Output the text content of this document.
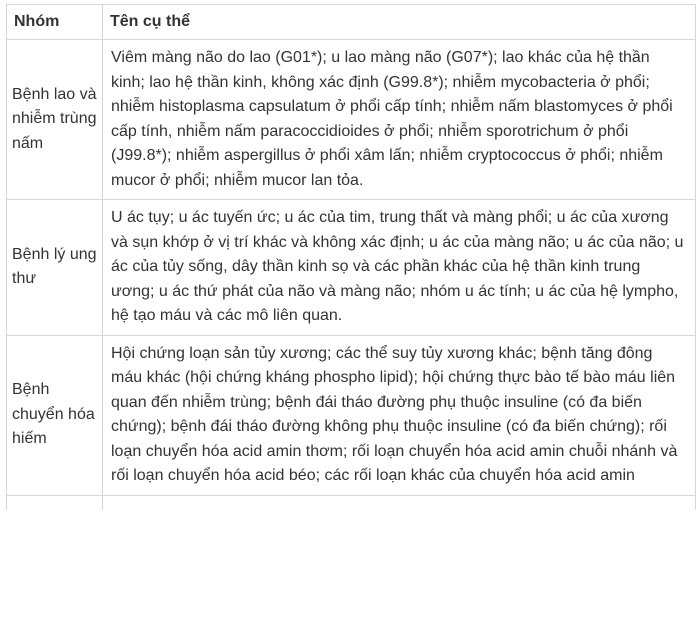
Nhóm	Tên cụ thể
Bệnh lao và nhiễm trùng nấm	Viêm màng não do lao (G01*); u lao màng não (G07*); lao khác của hệ thần kinh; lao hệ thần kinh, không xác định (G99.8*); nhiễm mycobacteria ở phổi; nhiễm histoplasma capsulatum ở phổi cấp tính; nhiễm nấm blastomyces ở phổi cấp tính, nhiễm nấm paracoccidioides ở phổi; nhiễm sporotrichum ở phổi (J99.8*); nhiễm aspergillus ở phổi xâm lấn; nhiễm cryptococcus ở phổi; nhiễm mucor ở phổi; nhiễm mucor lan tỏa.
Bệnh lý ung thư	U ác tụy; u ác tuyến ức; u ác của tim, trung thất và màng phổi; u ác của xương và sụn khớp ở vị trí khác và không xác định; u ác của màng não; u ác của não; u ác của tủy sống, dây thần kinh sọ và các phần khác của hệ thần kinh trung ương; u ác thứ phát của não và màng não; nhóm u ác tính; u ác của hệ lympho, hệ tạo máu và các mô liên quan.
Bệnh chuyển hóa hiếm	Hội chứng loạn sản tủy xương; các thể suy tủy xương khác; bệnh tăng đông máu khác (hội chứng kháng phospho lipid); hội chứng thực bào tế bào máu liên quan đến nhiễm trùng; bệnh đái tháo đường phụ thuộc insuline (có đa biến chứng); bệnh đái tháo đường không phụ thuộc insuline (có đa biến chứng); rối loạn chuyển hóa acid amin thơm; rối loạn chuyển hóa acid amin chuỗi nhánh và rối loạn chuyển hóa acid béo; các rối loạn khác của chuyển hóa acid amin
